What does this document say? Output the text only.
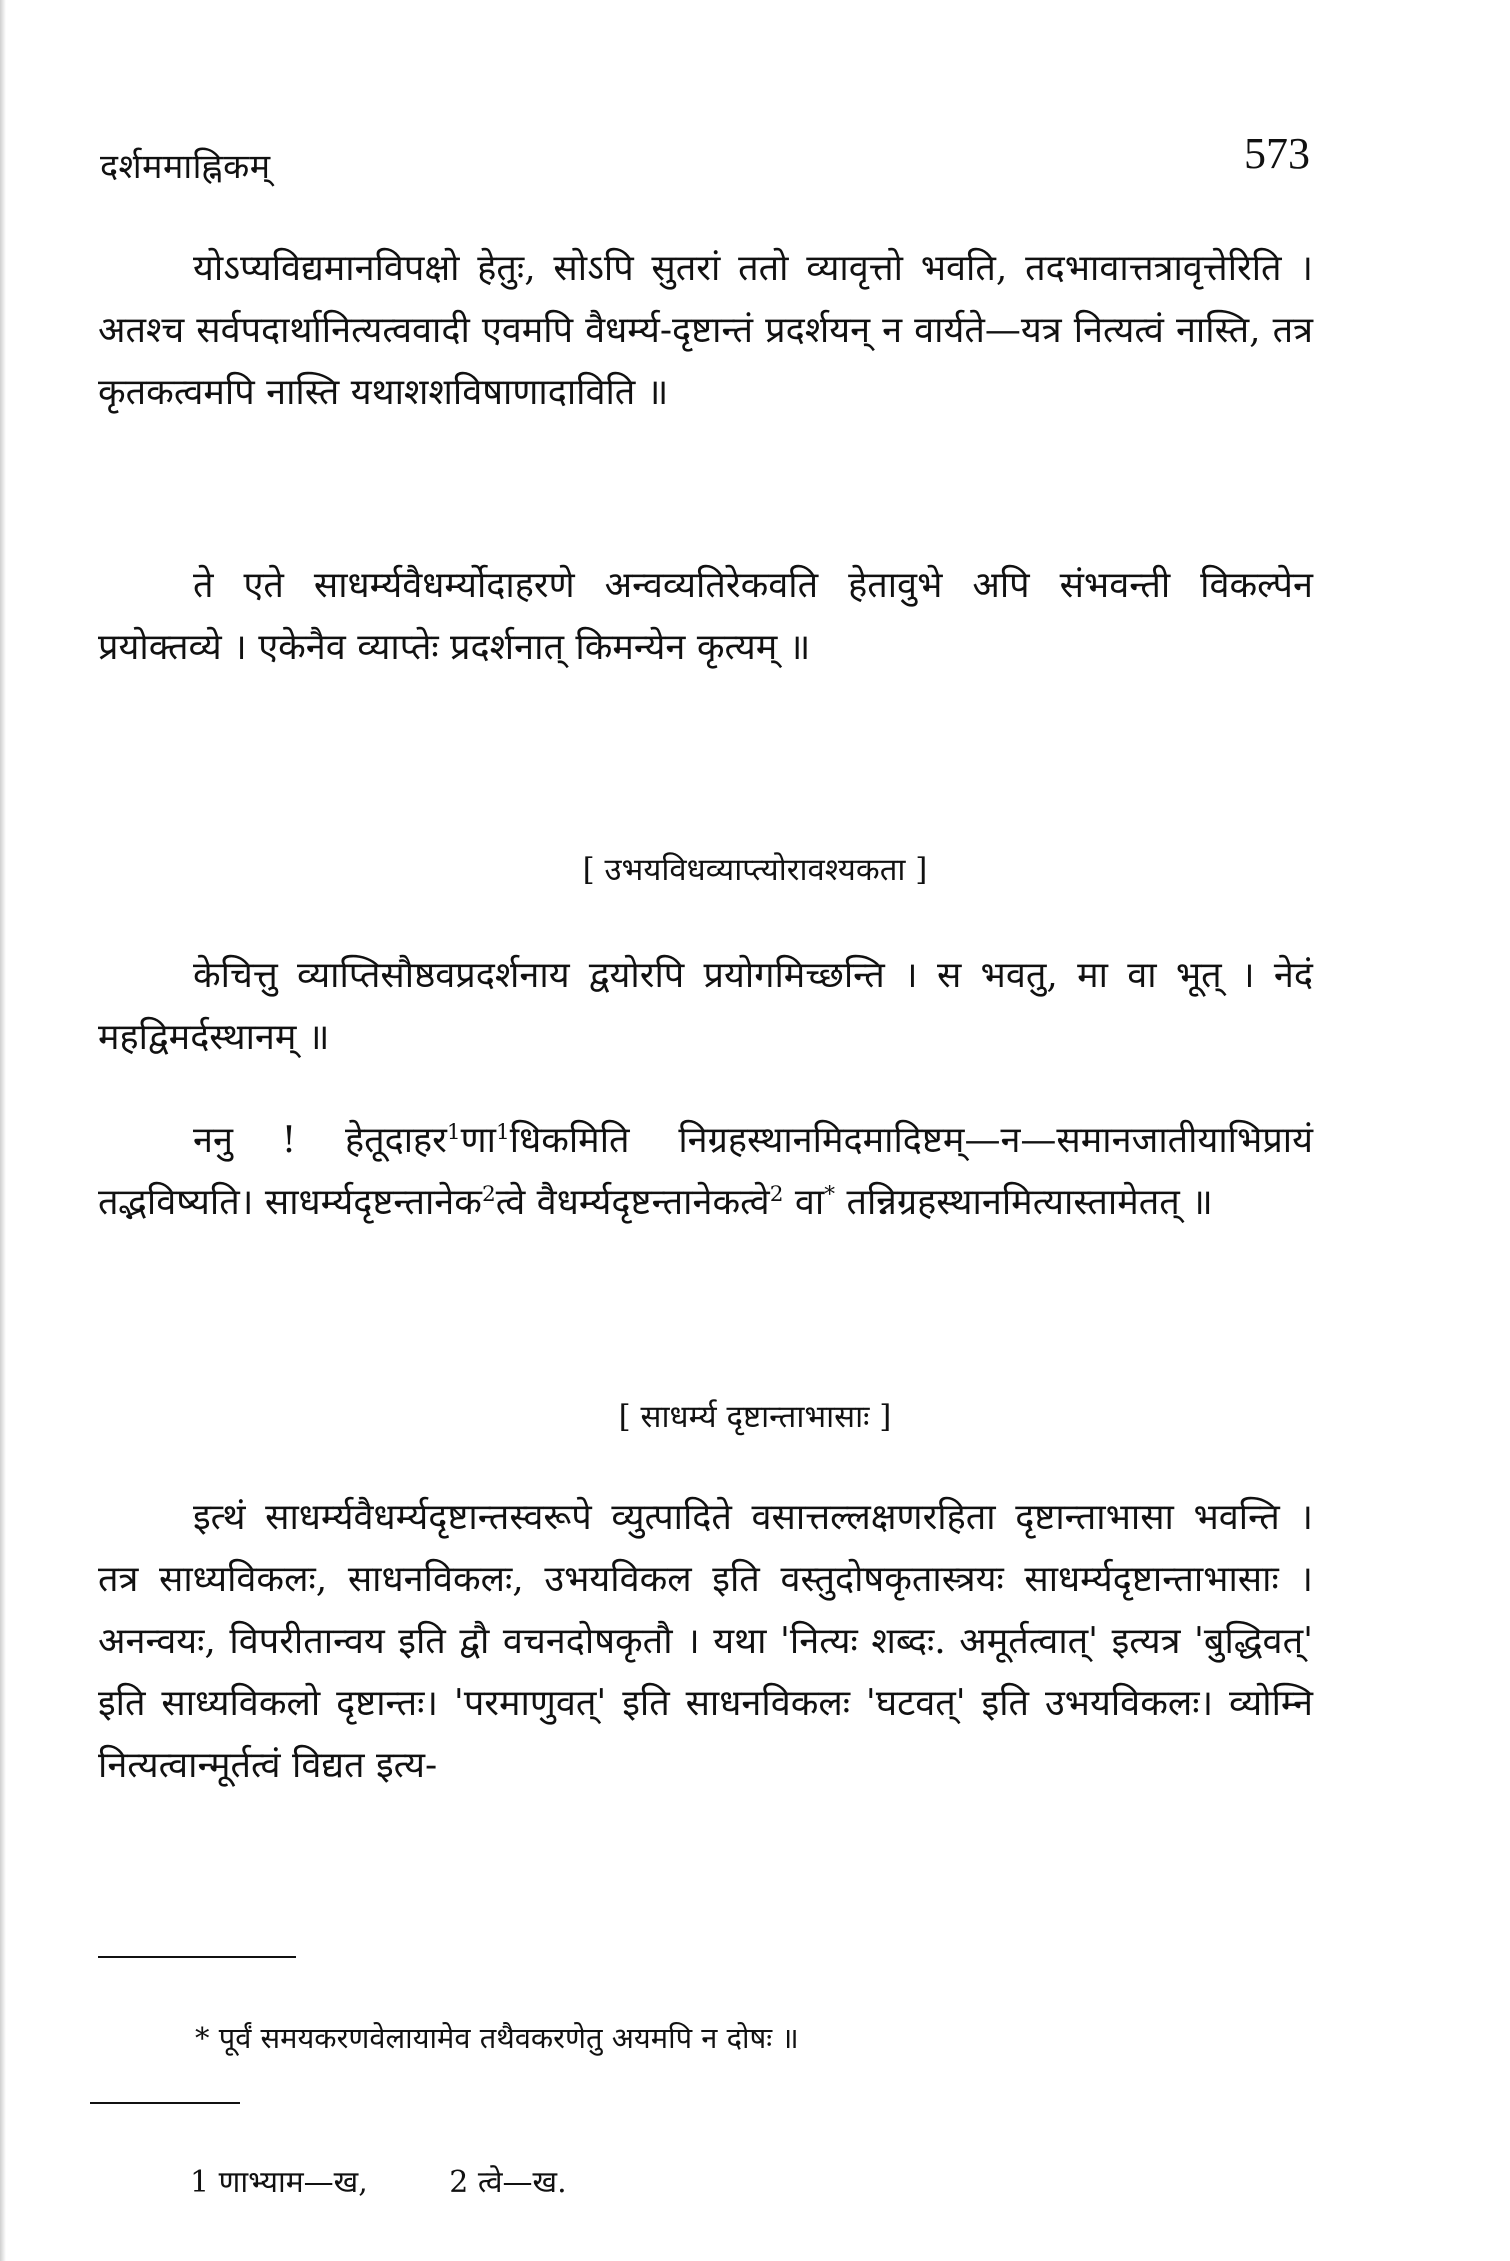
दर्शममाह्निकम्	573

योऽप्यविद्यमानविपक्षो हेतुः, सोऽपि सुतरां ततो व्यावृत्तो भवति, तदभावात्तत्रावृत्तेरिति । अतश्च सर्वपदार्थानित्यत्ववादी एवमपि वैधर्म्य-दृष्टान्तं प्रदर्शयन् न वार्यते—यत्र नित्यत्वं नास्ति, तत्र कृतकत्वमपि नास्ति यथाशशविषाणादाविति ॥

ते एते साधर्म्यवैधर्म्योदाहरणे अन्वव्यतिरेकवति हेतावुभे अपि संभवन्ती विकल्पेन प्रयोक्तव्ये । एकेनैव व्याप्तेः प्रदर्शनात् किमन्येन कृत्यम् ॥

[ उभयविधव्याप्त्योरावश्यकता ]

केचित्तु व्याप्तिसौष्ठवप्रदर्शनाय द्वयोरपि प्रयोगमिच्छन्ति । स भवतु, मा वा भूत् । नेदं महद्विमर्दस्थानम् ॥

ननु ! हेतूदाहर$^1$णा$^1$धिकमिति निग्रहस्थानमिदमादिष्टम्—न—समानजातीयाभिप्रायं तद्भविष्यति। साधर्म्यदृष्टन्तानेक$^2$त्वे वैधर्म्यदृष्टन्तानेकत्वे$^2$ वा* तन्निग्रहस्थानमित्यास्तामेतत् ॥

[ साधर्म्य दृष्टान्ताभासाः ]

इत्थं साधर्म्यवैधर्म्यदृष्टान्तस्वरूपे व्युत्पादिते वसात्तल्लक्षणरहिता दृष्टान्ताभासा भवन्ति । तत्र साध्यविकलः, साधनविकलः, उभयविकल इति वस्तुदोषकृतास्त्रयः साधर्म्यदृष्टान्ताभासाः । अनन्वयः, विपरीतान्वय इति द्वौ वचनदोषकृतौ । यथा 'नित्यः शब्दः. अमूर्तत्वात्' इत्यत्र 'बुद्धिवत्' इति साध्यविकलो दृष्टान्तः। 'परमाणुवत्' इति साधनविकलः 'घटवत्' इति उभयविकलः। व्योम्नि नित्यत्वान्मूर्तत्वं विद्यत इत्य-

* पूर्वं समयकरणवेलायामेव तथैवकरणेतु अयमपि न दोषः ॥
1 णाभ्याम—ख,	2 त्वे—ख.
